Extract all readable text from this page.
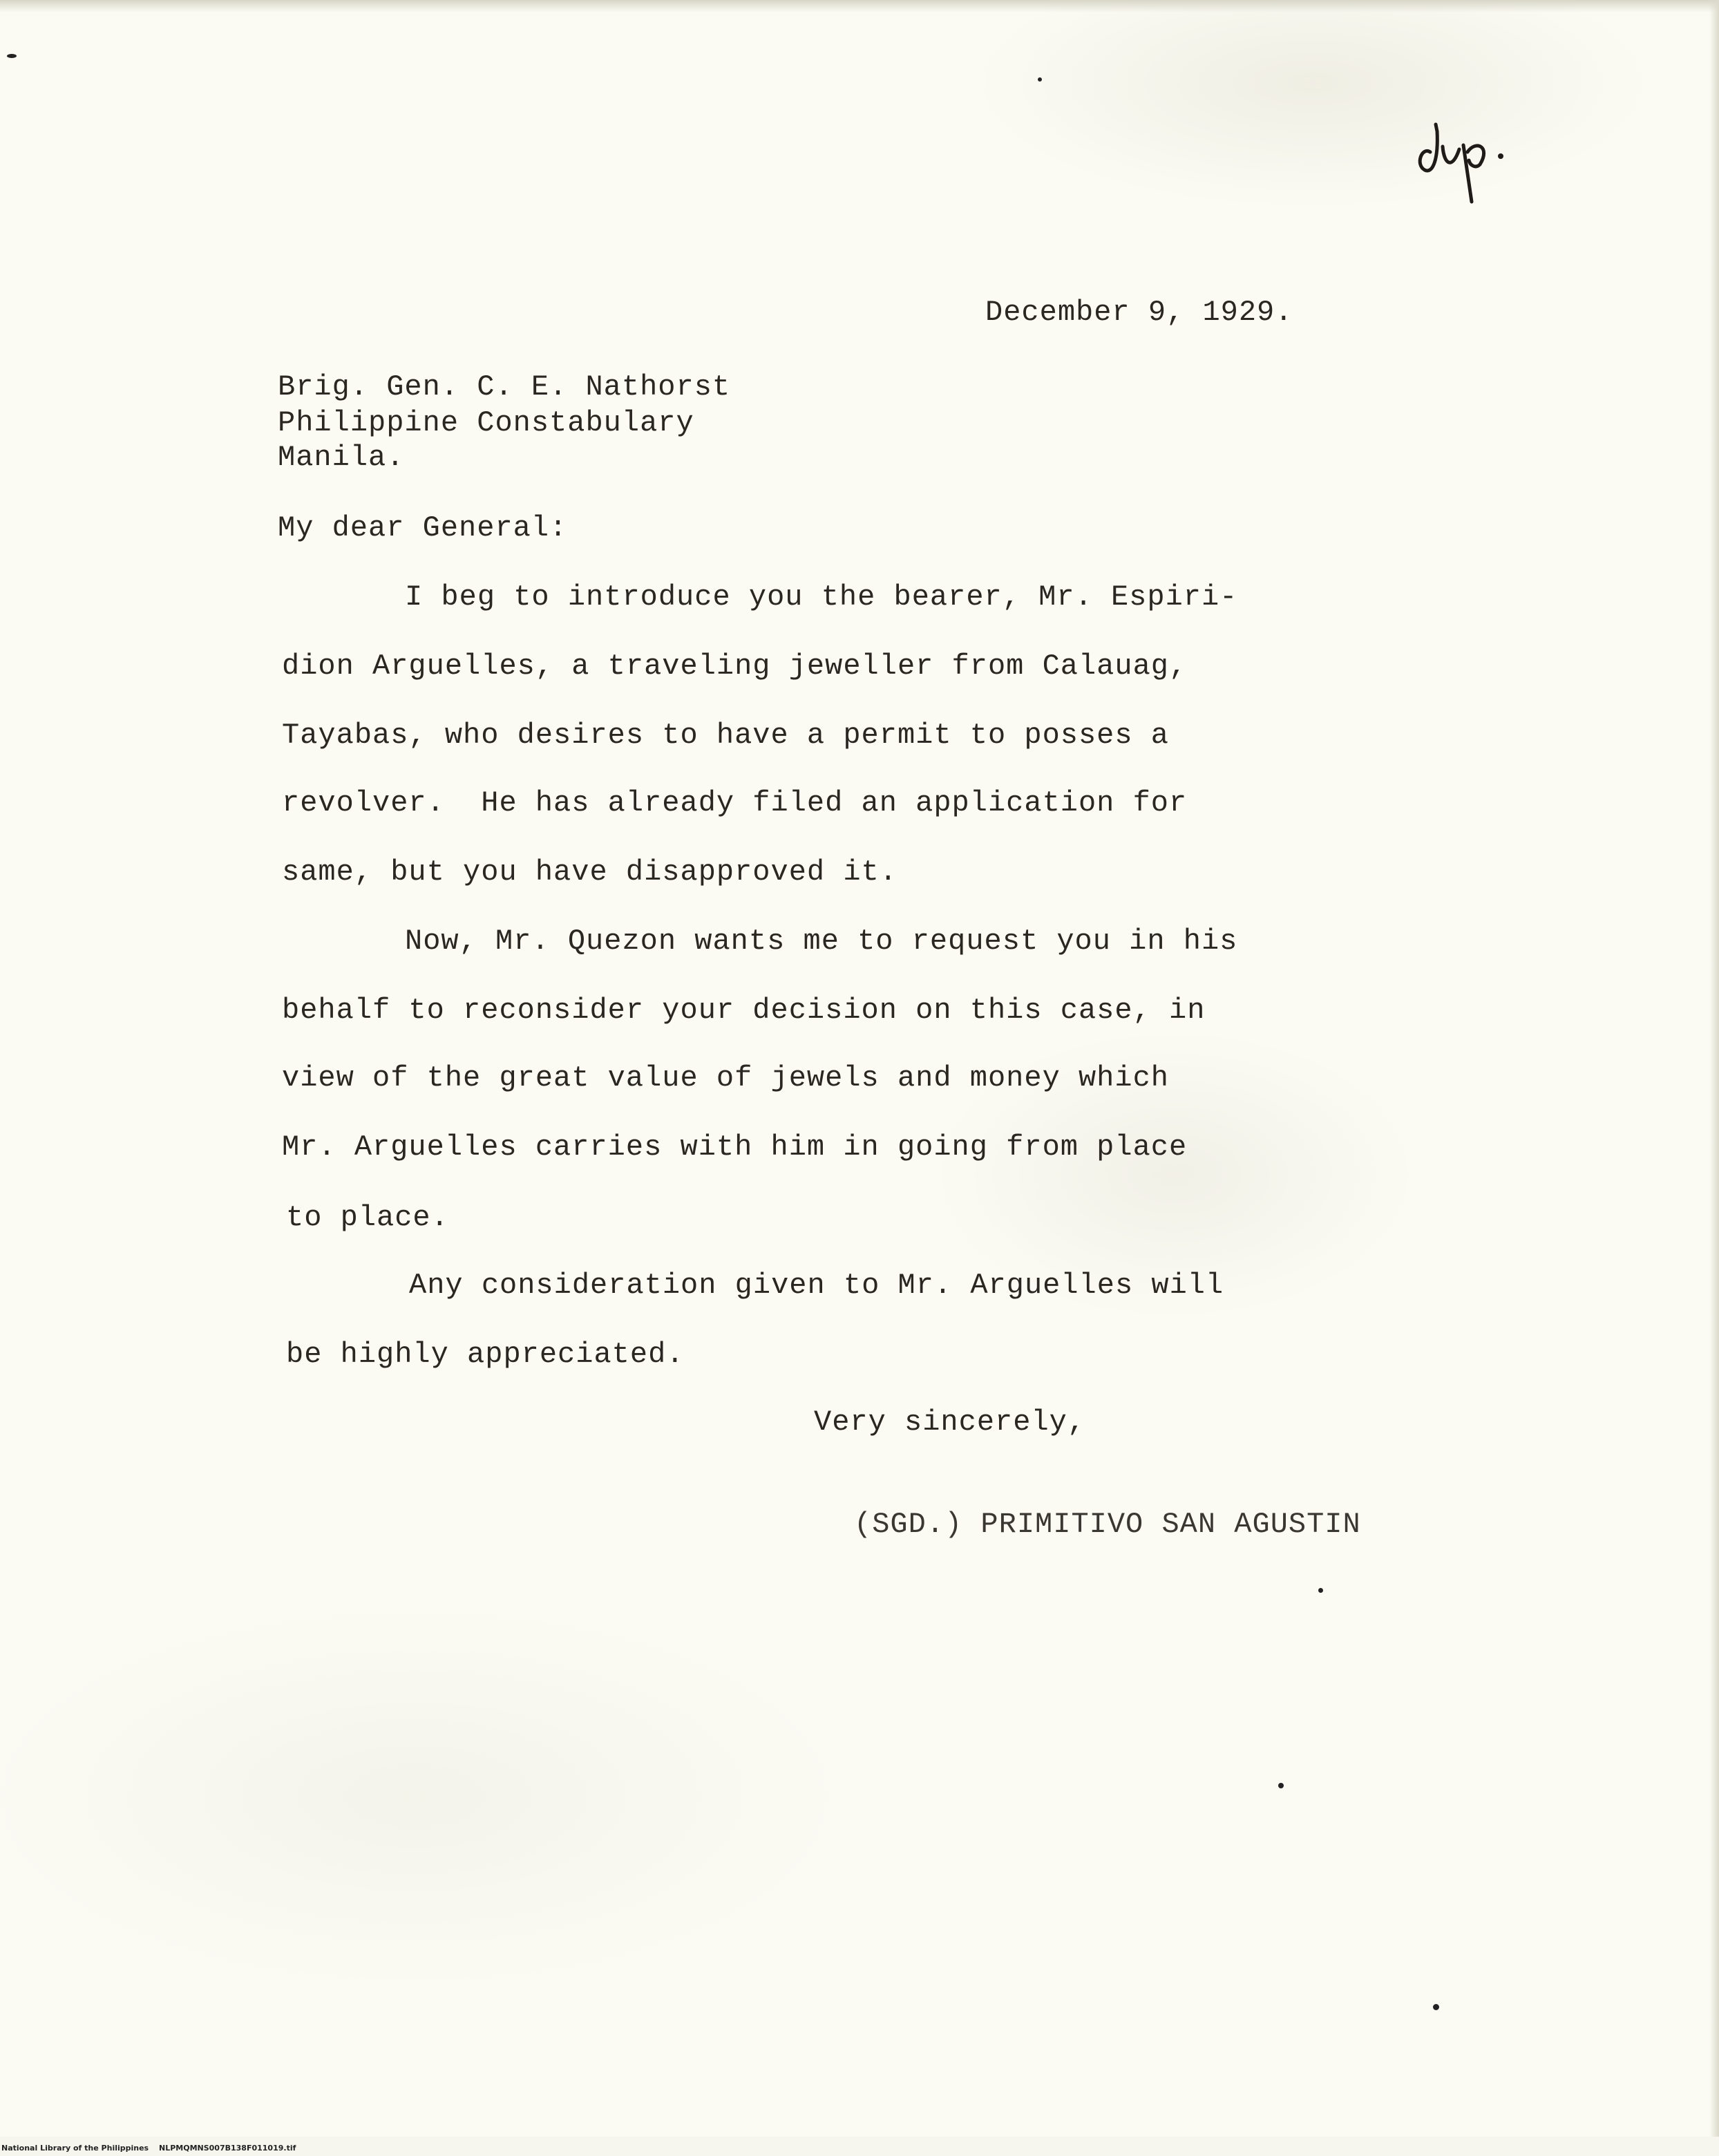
December 9, 1929.
Brig. Gen. C. E. Nathorst
Philippine Constabulary
Manila.
My dear General:
I beg to introduce you the bearer, Mr. Espiri-
dion Arguelles, a traveling jeweller from Calauag,
Tayabas, who desires to have a permit to posses a
revolver.  He has already filed an application for
same, but you have disapproved it.
Now, Mr. Quezon wants me to request you in his
behalf to reconsider your decision on this case, in
view of the great value of jewels and money which
Mr. Arguelles carries with him in going from place
to place.
Any consideration given to Mr. Arguelles will
be highly appreciated.
Very sincerely,
(SGD.) PRIMITIVO SAN AGUSTIN
National Library of the Philippines NLPMQMNS007B138F011019.tif
